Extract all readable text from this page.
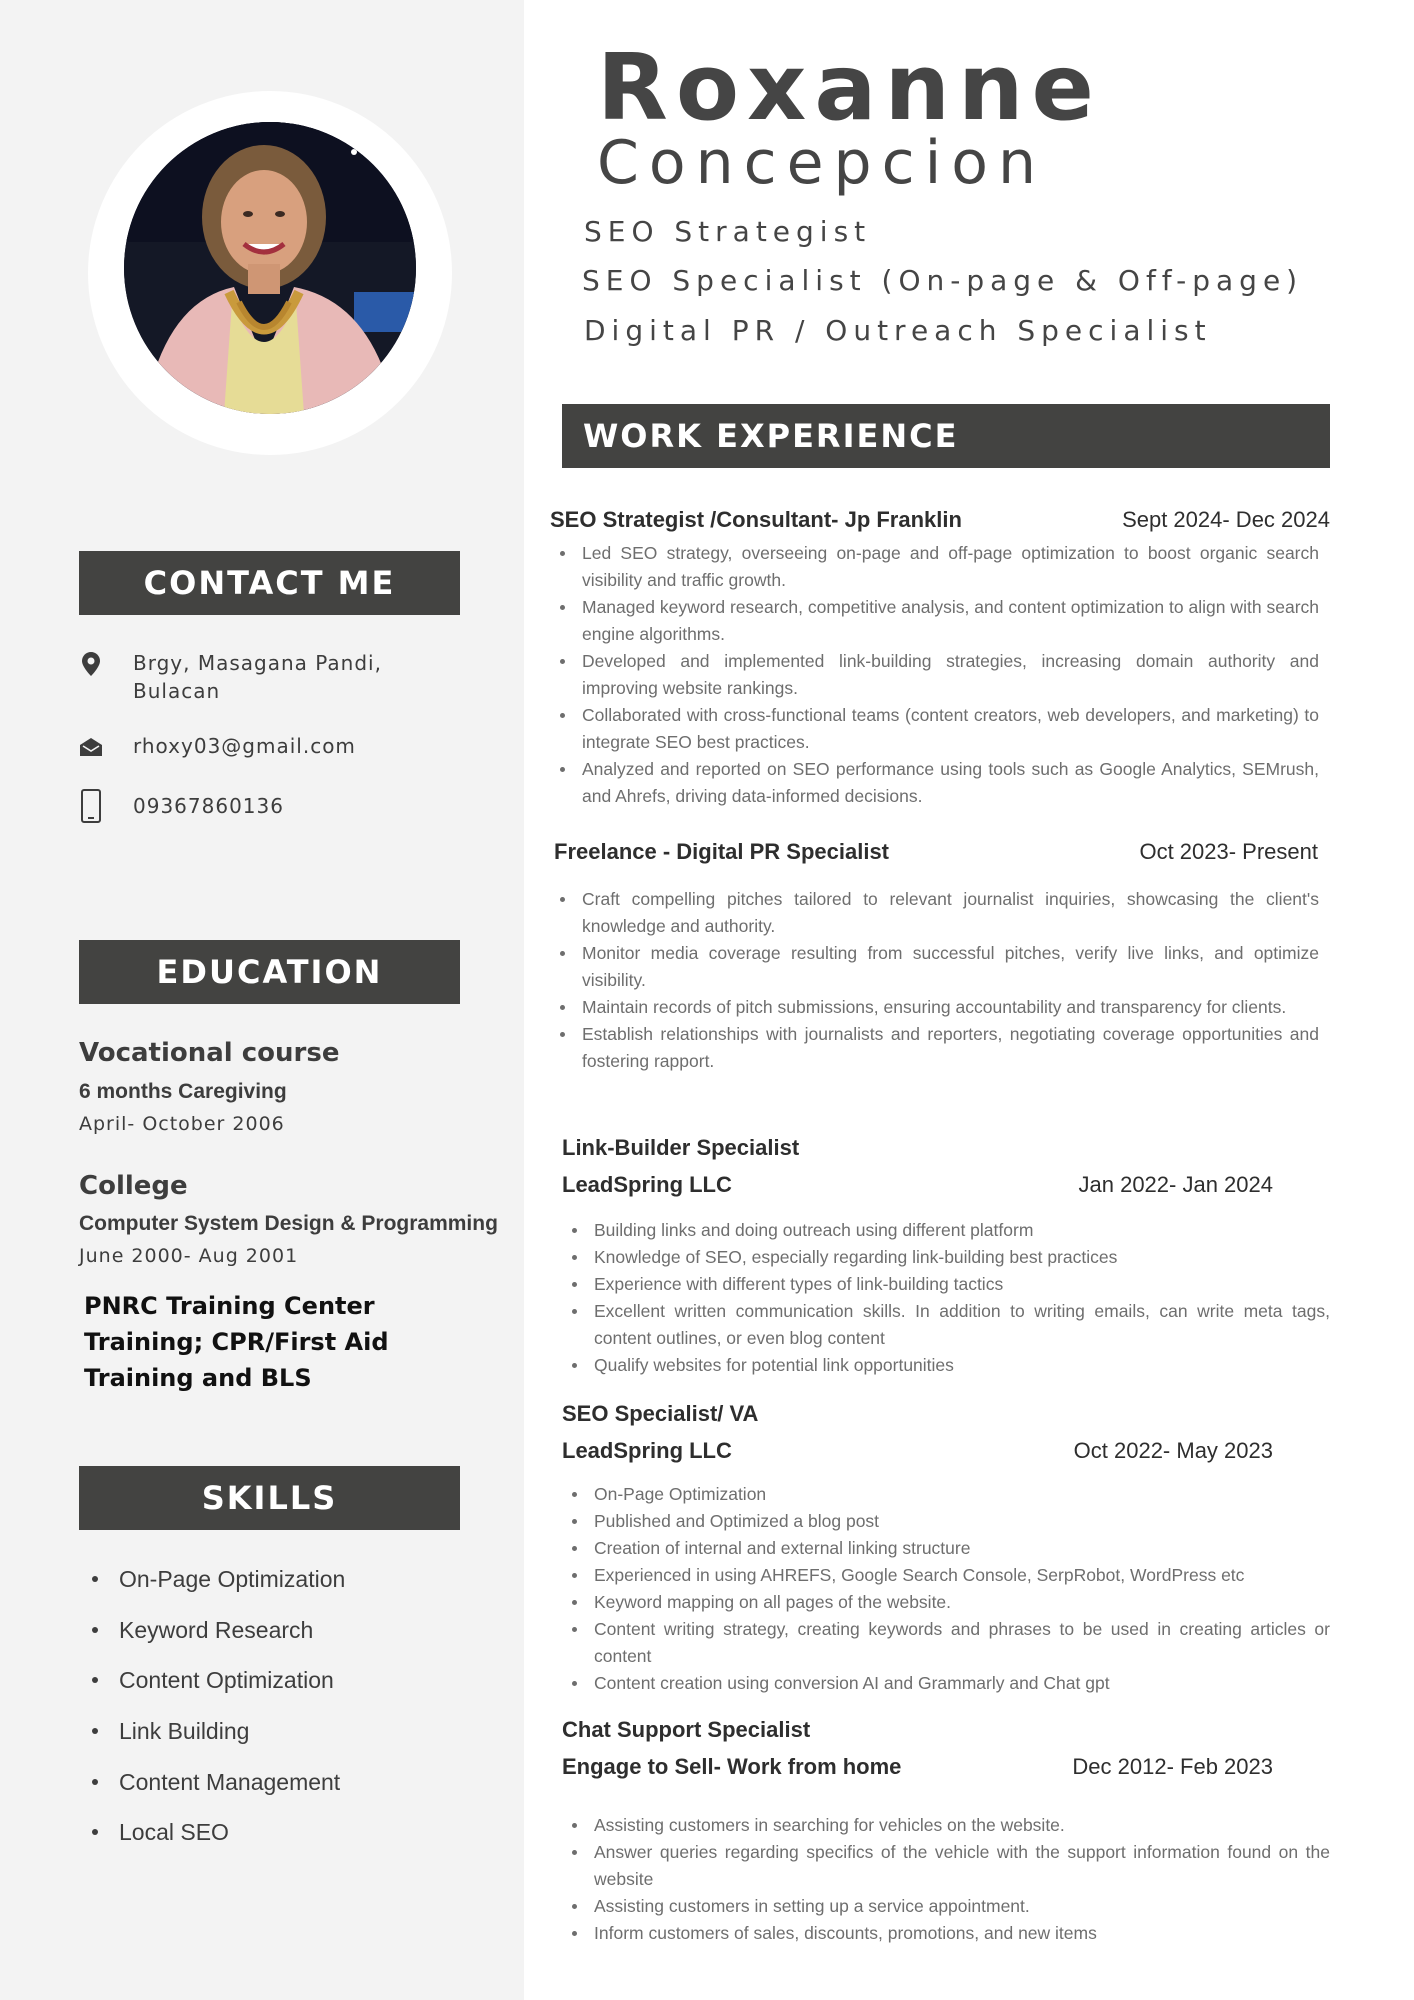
CONTACT ME
Brgy, Masagana Pandi, Bulacan
rhoxy03@gmail.com
09367860136
EDUCATION
Vocational course
6 months Caregiving
April- October 2006
College
Computer System Design & Programming
June 2000- Aug 2001
PNRC Training Center Training; CPR/First Aid Training and BLS
SKILLS
On-Page Optimization
Keyword Research
Content Optimization
Link Building
Content Management
Local SEO
Roxanne
Concepcion
SEO Strategist
SEO Specialist (On-page & Off-page)
Digital PR / Outreach Specialist
WORK EXPERIENCE
SEO Strategist /Consultant- Jp Franklin	Sept 2024- Dec 2024
Led SEO strategy, overseeing on-page and off-page optimization to boost organic search visibility and traffic growth.
Managed keyword research, competitive analysis, and content optimization to align with search engine algorithms.
Developed and implemented link-building strategies, increasing domain authority and improving website rankings.
Collaborated with cross-functional teams (content creators, web developers, and marketing) to integrate SEO best practices.
Analyzed and reported on SEO performance using tools such as Google Analytics, SEMrush, and Ahrefs, driving data-informed decisions.
Freelance - Digital PR Specialist	Oct 2023- Present
Craft compelling pitches tailored to relevant journalist inquiries, showcasing the client's knowledge and authority.
Monitor media coverage resulting from successful pitches, verify live links, and optimize visibility.
Maintain records of pitch submissions, ensuring accountability and transparency for clients.
Establish relationships with journalists and reporters, negotiating coverage opportunities and fostering rapport.
Link-Builder Specialist
LeadSpring LLC	Jan 2022- Jan 2024
Building links and doing outreach using different platform
Knowledge of SEO, especially regarding link-building best practices
Experience with different types of link-building tactics
Excellent written communication skills. In addition to writing emails, can write meta tags, content outlines, or even blog content
Qualify websites for potential link opportunities
SEO Specialist/ VA
LeadSpring LLC	Oct 2022- May 2023
On-Page Optimization
Published and Optimized a blog post
Creation of internal and external linking structure
Experienced in using AHREFS, Google Search Console, SerpRobot, WordPress etc
Keyword mapping on all pages of the website.
Content writing strategy, creating keywords and phrases to be used in creating articles or content
Content creation using conversion AI and Grammarly and Chat gpt
Chat Support Specialist
Engage to Sell- Work from home	Dec 2012- Feb 2023
Assisting customers in searching for vehicles on the website.
Answer queries regarding specifics of the vehicle with the support information found on the website
Assisting customers in setting up a service appointment.
Inform customers of sales, discounts, promotions, and new items
